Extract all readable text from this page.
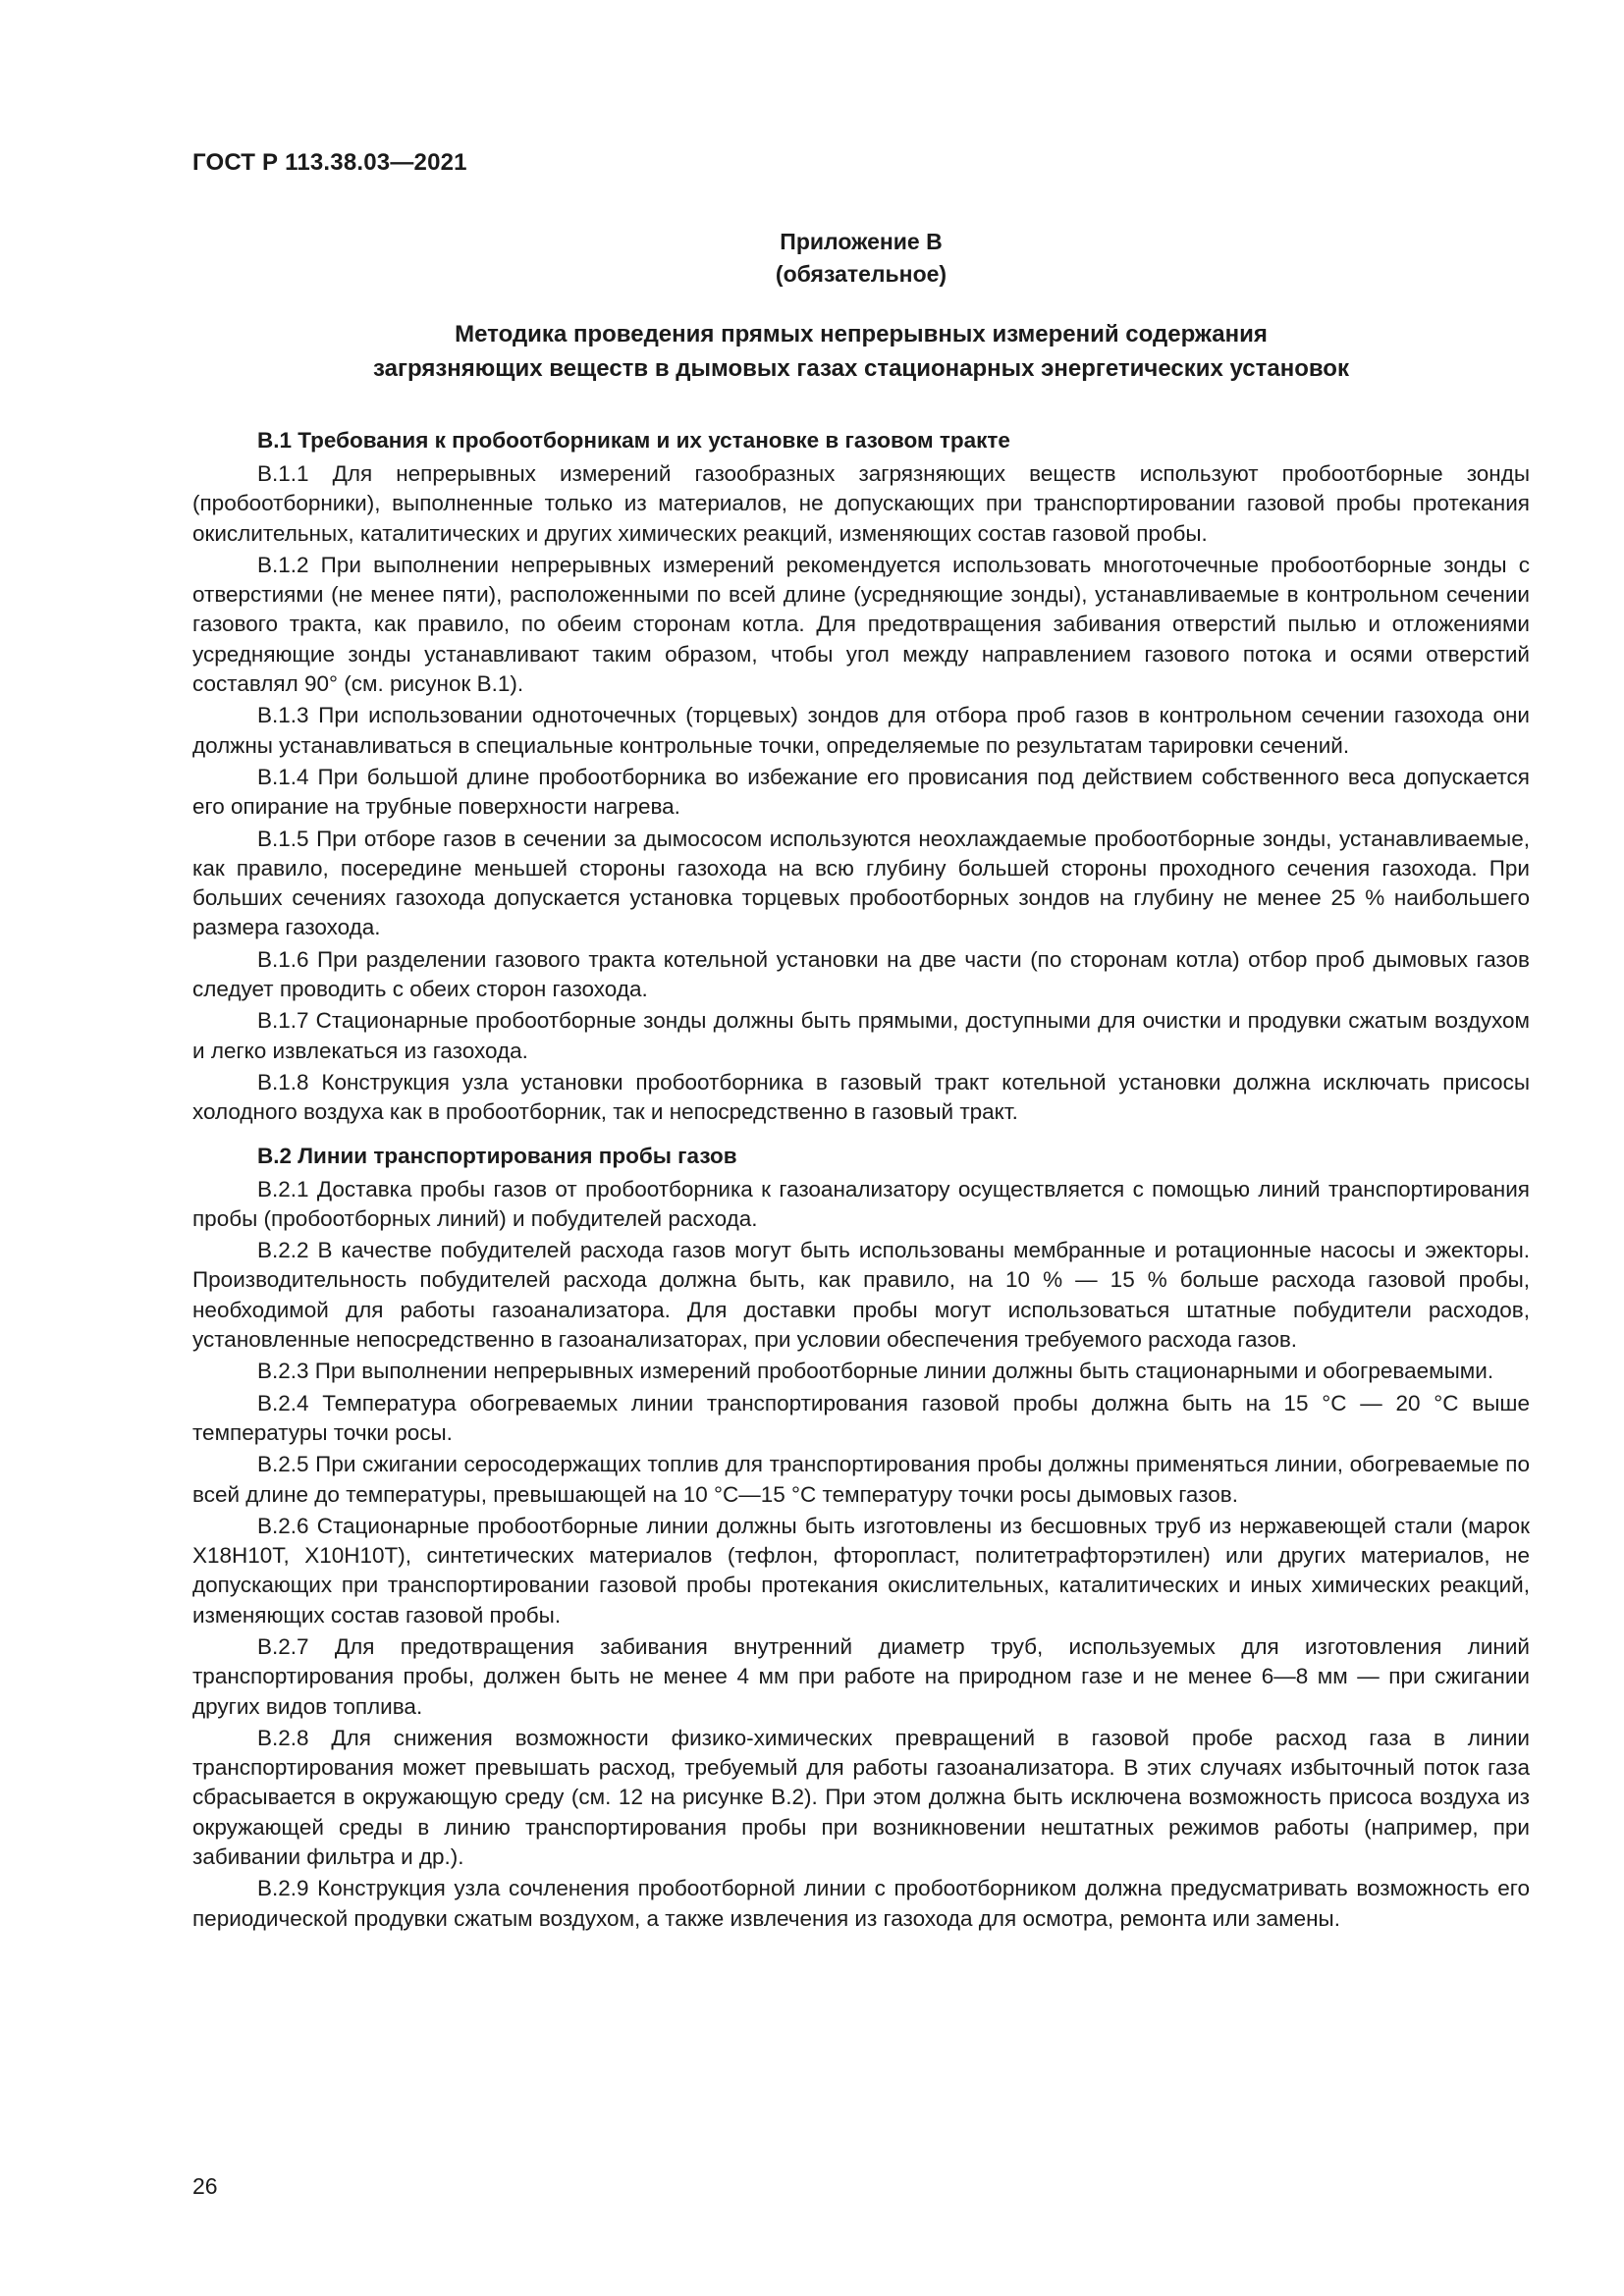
ГОСТ Р 113.38.03—2021
Приложение В
(обязательное)
Методика проведения прямых непрерывных измерений содержания
загрязняющих веществ в дымовых газах стационарных энергетических установок
В.1 Требования к пробоотборникам и их установке в газовом тракте

В.1.1 Для непрерывных измерений газообразных загрязняющих веществ используют пробоотборные зонды (пробоотборники), выполненные только из материалов, не допускающих при транспортировании газовой пробы протекания окислительных, каталитических и других химических реакций, изменяющих состав газовой пробы.

В.1.2 При выполнении непрерывных измерений рекомендуется использовать многоточечные пробоотборные зонды с отверстиями (не менее пяти), расположенными по всей длине (усредняющие зонды), устанавливаемые в контрольном сечении газового тракта, как правило, по обеим сторонам котла. Для предотвращения забивания отверстий пылью и отложениями усредняющие зонды устанавливают таким образом, чтобы угол между направлением газового потока и осями отверстий составлял 90° (см. рисунок В.1).

В.1.3 При использовании одноточечных (торцевых) зондов для отбора проб газов в контрольном сечении газохода они должны устанавливаться в специальные контрольные точки, определяемые по результатам тарировки сечений.

В.1.4 При большой длине пробоотборника во избежание его провисания под действием собственного веса допускается его опирание на трубные поверхности нагрева.

В.1.5 При отборе газов в сечении за дымососом используются неохлаждаемые пробоотборные зонды, устанавливаемые, как правило, посередине меньшей стороны газохода на всю глубину большей стороны проходного сечения газохода. При больших сечениях газохода допускается установка торцевых пробоотборных зондов на глубину не менее 25 % наибольшего размера газохода.

В.1.6 При разделении газового тракта котельной установки на две части (по сторонам котла) отбор проб дымовых газов следует проводить с обеих сторон газохода.

В.1.7 Стационарные пробоотборные зонды должны быть прямыми, доступными для очистки и продувки сжатым воздухом и легко извлекаться из газохода.

В.1.8 Конструкция узла установки пробоотборника в газовый тракт котельной установки должна исключать присосы холодного воздуха как в пробоотборник, так и непосредственно в газовый тракт.

В.2 Линии транспортирования пробы газов

В.2.1 Доставка пробы газов от пробоотборника к газоанализатору осуществляется с помощью линий транспортирования пробы (пробоотборных линий) и побудителей расхода.

В.2.2 В качестве побудителей расхода газов могут быть использованы мембранные и ротационные насосы и эжекторы. Производительность побудителей расхода должна быть, как правило, на 10 % — 15 % больше расхода газовой пробы, необходимой для работы газоанализатора. Для доставки пробы могут использоваться штатные побудители расходов, установленные непосредственно в газоанализаторах, при условии обеспечения требуемого расхода газов.

В.2.3 При выполнении непрерывных измерений пробоотборные линии должны быть стационарными и обогреваемыми.

В.2.4 Температура обогреваемых линии транспортирования газовой пробы должна быть на 15 °С — 20 °С выше температуры точки росы.

В.2.5 При сжигании серосодержащих топлив для транспортирования пробы должны применяться линии, обогреваемые по всей длине до температуры, превышающей на 10 °С—15 °С температуру точки росы дымовых газов.

В.2.6 Стационарные пробоотборные линии должны быть изготовлены из бесшовных труб из нержавеющей стали (марок Х18Н10Т, Х10Н10Т), синтетических материалов (тефлон, фторопласт, политетрафторэтилен) или других материалов, не допускающих при транспортировании газовой пробы протекания окислительных, каталитических и иных химических реакций, изменяющих состав газовой пробы.

В.2.7 Для предотвращения забивания внутренний диаметр труб, используемых для изготовления линий транспортирования пробы, должен быть не менее 4 мм при работе на природном газе и не менее 6—8 мм — при сжигании других видов топлива.

В.2.8 Для снижения возможности физико-химических превращений в газовой пробе расход газа в линии транспортирования может превышать расход, требуемый для работы газоанализатора. В этих случаях избыточный поток газа сбрасывается в окружающую среду (см. 12 на рисунке В.2). При этом должна быть исключена возможность присоса воздуха из окружающей среды в линию транспортирования пробы при возникновении нештатных режимов работы (например, при забивании фильтра и др.).

В.2.9 Конструкция узла сочленения пробоотборной линии с пробоотборником должна предусматривать возможность его периодической продувки сжатым воздухом, а также извлечения из газохода для осмотра, ремонта или замены.

26
